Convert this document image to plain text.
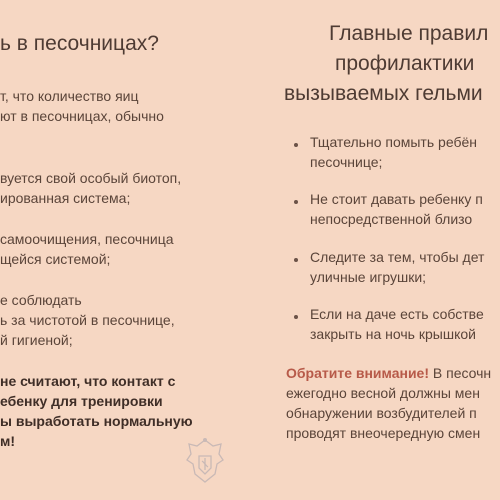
ь в песочницах?
т, что количество яиц
ют в песочницах, обычно
вуется свой особый биотоп,
ированная система;
самоочищения, песочница
щейся системой;
е соблюдать
ь за чистотой в песочнице,
й гигиеной;
не считают, что контакт с
ебенку для тренировки
ы выработать нормальную
м!
Главные правил
профилактики
вызываемых гельми
Тщательно помыть ребён
песочнице;
Не стоит давать ребенку п
непосредственной близо
Следите за тем, чтобы дет
уличные игрушки;
Если на даче есть собстве
закрыть на ночь крышкой
Обратите внимание! В песочн
ежегодно весной должны мен
обнаружении возбудителей п
проводят внеочередную смен
